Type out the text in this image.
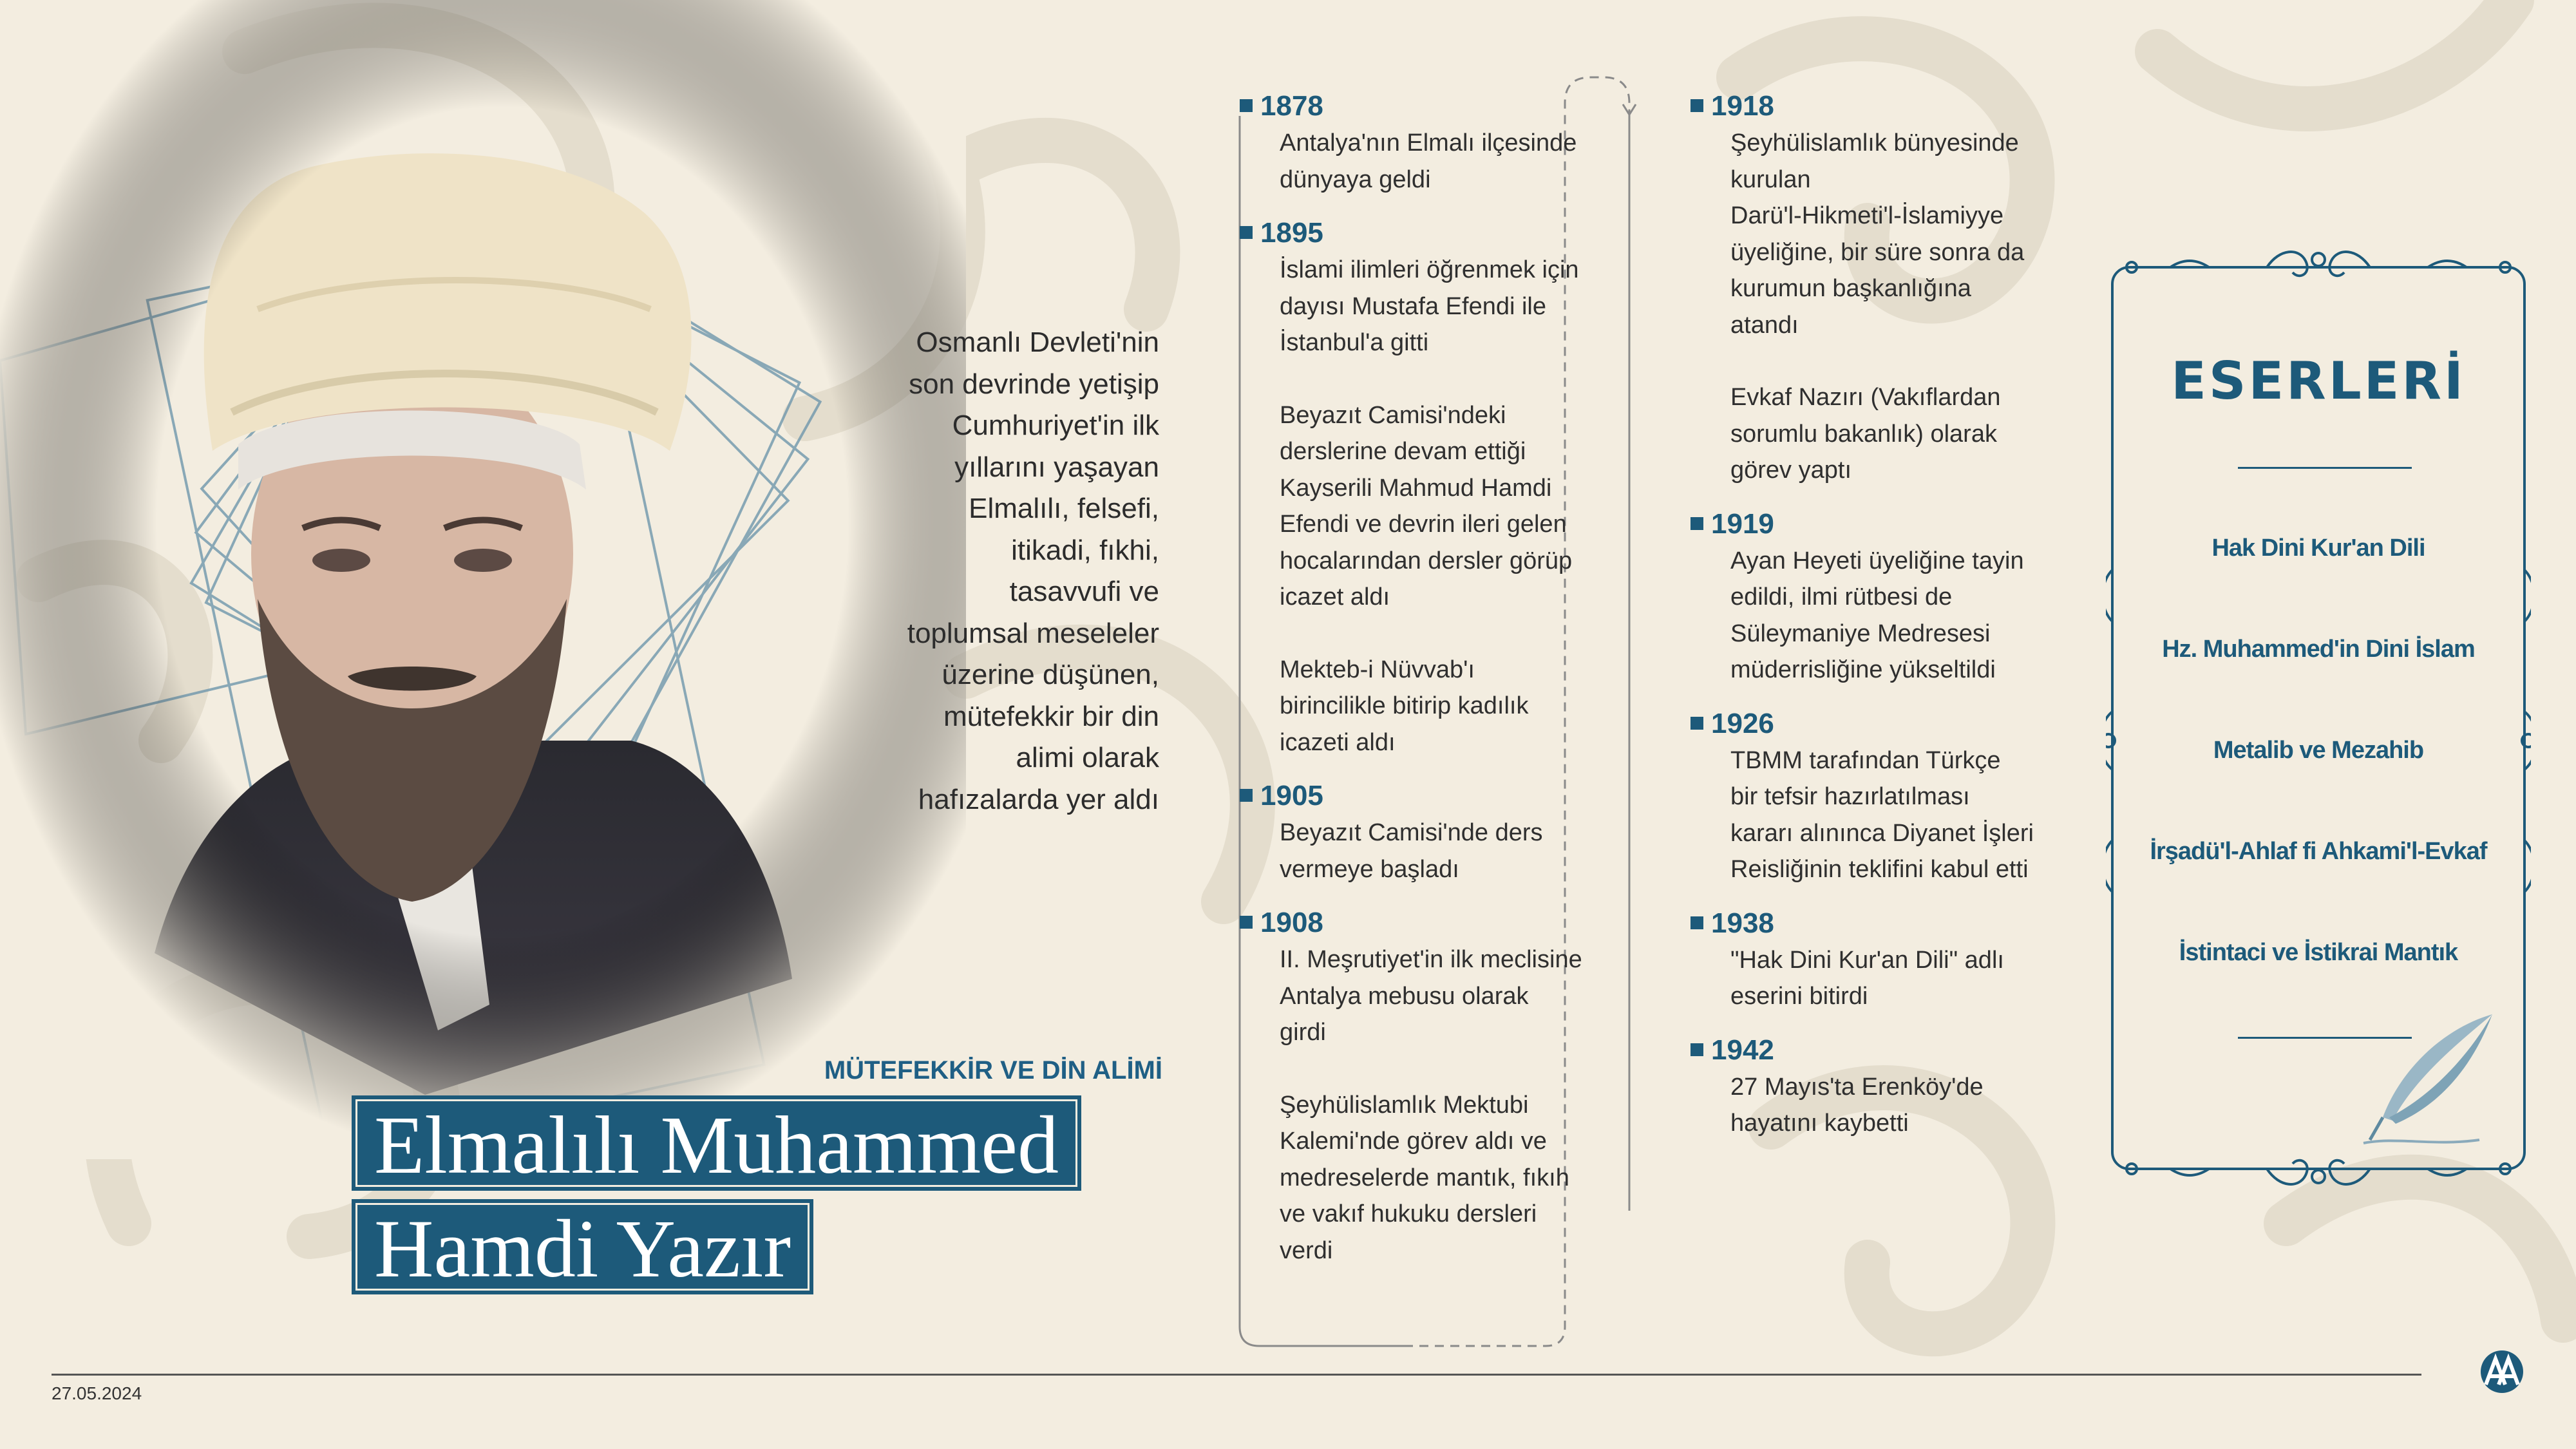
Osmanlı Devleti'nin
son devrinde yetişip
Cumhuriyet'in ilk
yıllarını yaşayan
Elmalılı, felsefi,
itikadi, fıkhi,
tasavvufi ve
toplumsal meseleler
üzerine düşünen,
mütefekkir bir din
alimi olarak
hafızalarda yer aldı

MÜTEFEKKİR VE DİN ALİMİ
Elmalılı Muhammed
Hamdi Yazır
1878
Antalya'nın Elmalı ilçesinde
dünyaya geldi
1895
İslami ilimleri öğrenmek için
dayısı Mustafa Efendi ile
İstanbul'a gitti
Beyazıt Camisi'ndeki
derslerine devam ettiği
Kayserili Mahmud Hamdi
Efendi ve devrin ileri gelen
hocalarından dersler görüp
icazet aldı
Mekteb-i Nüvvab'ı
birincilikle bitirip kadılık
icazeti aldı
1905
Beyazıt Camisi'nde ders
vermeye başladı
1908
II. Meşrutiyet'in ilk meclisine
Antalya mebusu olarak
girdi
Şeyhülislamlık Mektubi
Kalemi'nde görev aldı ve
medreselerde mantık, fıkıh
ve vakıf hukuku dersleri
verdi
1918
Şeyhülislamlık bünyesinde
kurulan
Darü'l-Hikmeti'l-İslamiyye
üyeliğine, bir süre sonra da
kurumun başkanlığına
atandı
Evkaf Nazırı (Vakıflardan
sorumlu bakanlık) olarak
görev yaptı
1919
Ayan Heyeti üyeliğine tayin
edildi, ilmi rütbesi de
Süleymaniye Medresesi
müderrisliğine yükseltildi
1926
TBMM tarafından Türkçe
bir tefsir hazırlatılması
kararı alınınca Diyanet İşleri
Reisliğinin teklifini kabul etti
1938
"Hak Dini Kur'an Dili" adlı
eserini bitirdi
1942
27 Mayıs'ta Erenköy'de
hayatını kaybetti
ESERLERİ
Hak Dini Kur'an Dili
Hz. Muhammed'in Dini İslam
Metalib ve Mezahib
İrşadü'l-Ahlaf fi Ahkami'l-Evkaf
İstintaci ve İstikrai Mantık
27.05.2024
